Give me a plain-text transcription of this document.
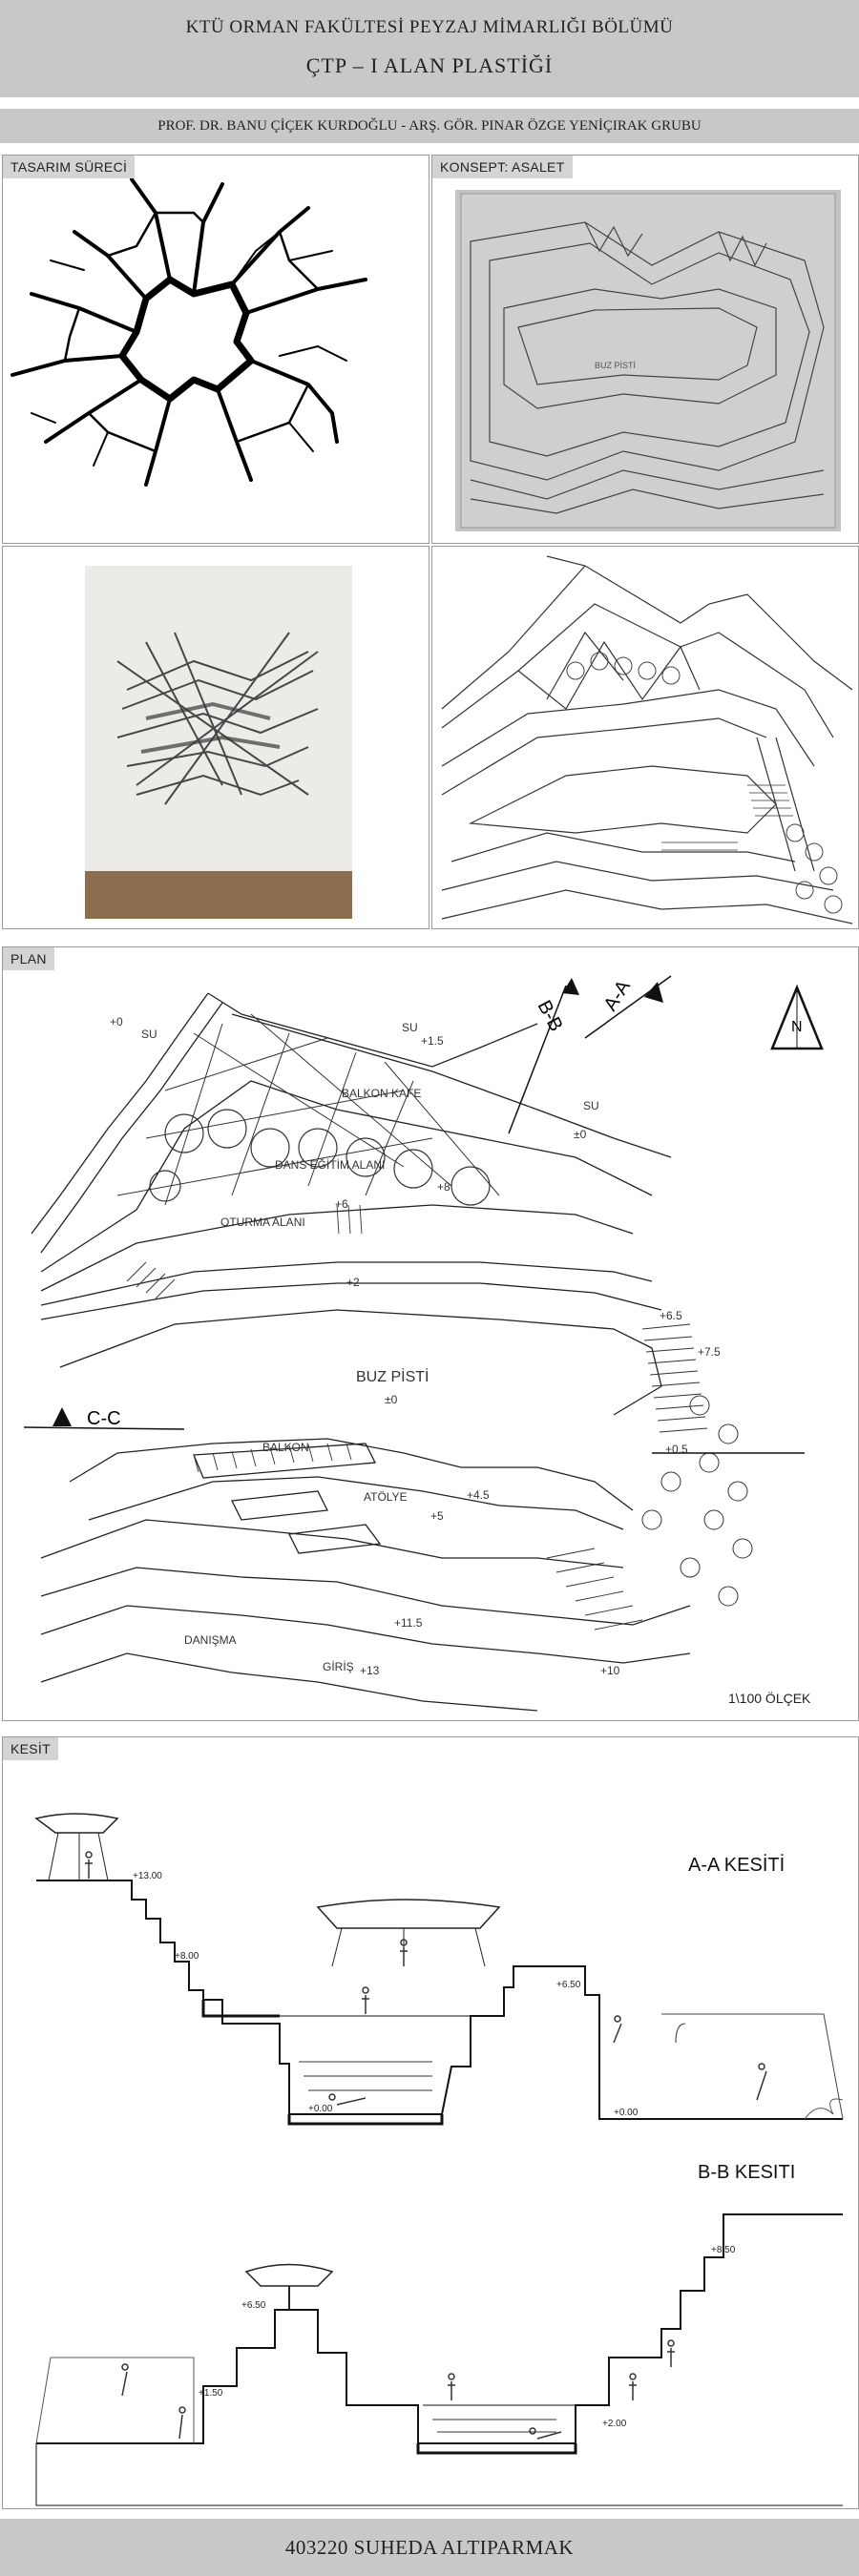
KTÜ ORMAN FAKÜLTESİ PEYZAJ MİMARLIĞI BÖLÜMÜ
ÇTP – I ALAN PLASTİĞİ
PROF. DR. BANU ÇİÇEK KURDOĞLU - ARŞ. GÖR. PINAR ÖZGE YENİÇIRAK GRUBU
TASARIM SÜRECİ	KONSEPT: ASALET
BUZ PİSTİ
PLAN
B-B
A-A
C-C
N
SU	SU
SU
BALKON KAFE
DANS EĞİTİM ALANI
OTURMA ALANI
BUZ PİSTİ
BALKON
ATÖLYE
DANIŞMA
GİRİŞ
+0
+1.5
±0
+8
+6
+2
+6.5
+7.5
±0
+0.5
+4.5
+5
+11.5
+13	+10
1\100 ÖLÇEK
KESİT
A-A KESİTİ
+13.00
+8.00
+6.50
+0.00	+0.00
B-B KESITI
+8.50
+6.50
+1.50
+2.00
403220 SUHEDA ALTIPARMAK
